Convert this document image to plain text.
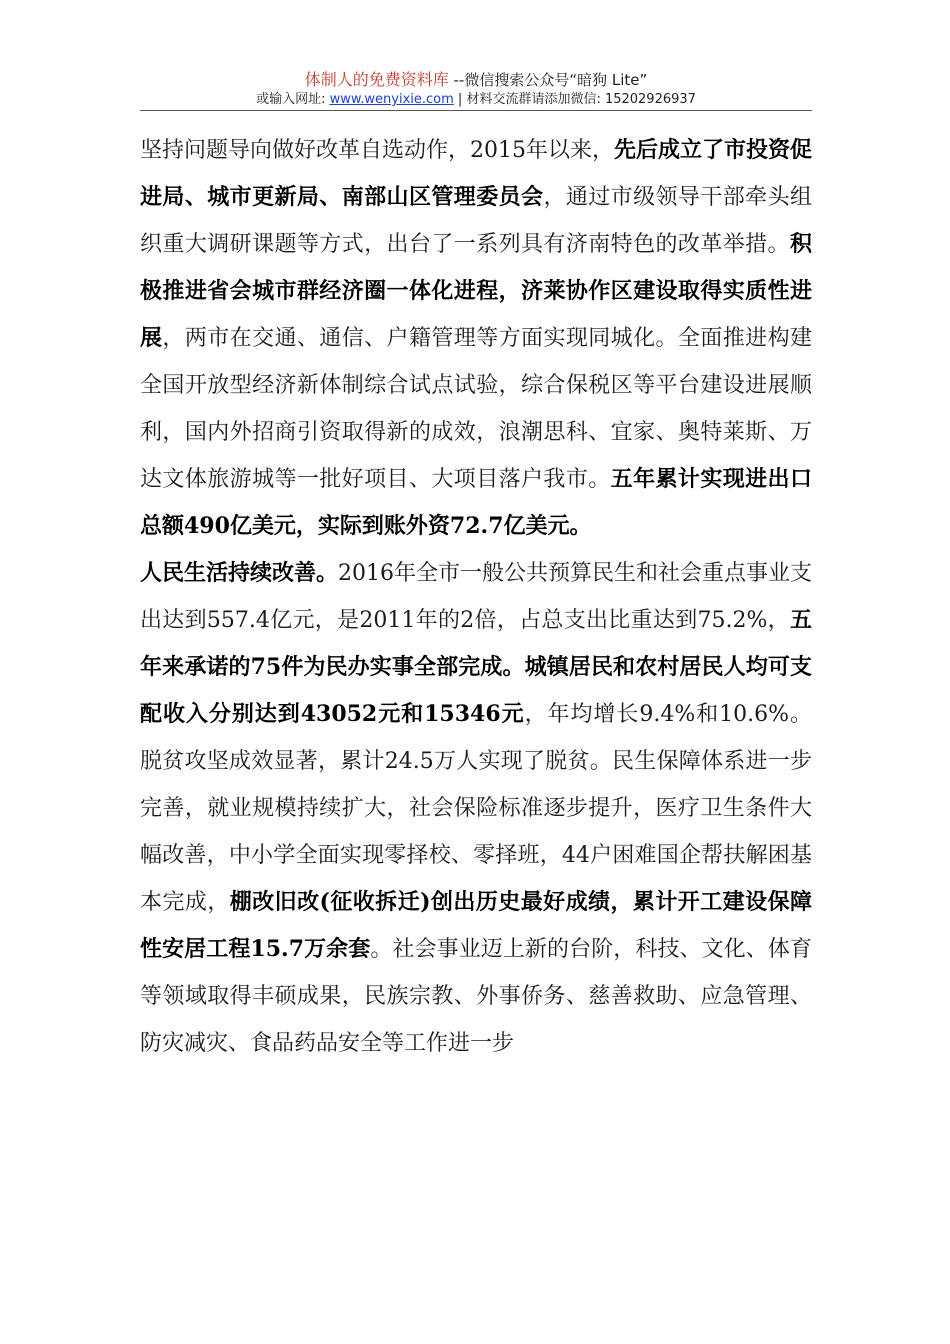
体制人的免费资料库 --微信搜索公众号“暗狗 Lite”
或输入网址: www.wenyixie.com | 材料交流群请添加微信: 15202926937

坚持问题导向做好改革自选动作，2015年以来，先后成立了市投资促进局、城市更新局、南部山区管理委员会，通过市级领导干部牵头组织重大调研课题等方式，出台了一系列具有济南特色的改革举措。积极推进省会城市群经济圈一体化进程，济莱协作区建设取得实质性进展，两市在交通、通信、户籍管理等方面实现同城化。全面推进构建全国开放型经济新体制综合试点试验，综合保税区等平台建设进展顺利，国内外招商引资取得新的成效，浪潮思科、宜家、奥特莱斯、万达文体旅游城等一批好项目、大项目落户我市。五年累计实现进出口总额490亿美元，实际到账外资72.7亿美元。

人民生活持续改善。2016年全市一般公共预算民生和社会重点事业支出达到557.4亿元，是2011年的2倍，占总支出比重达到75.2%，五年来承诺的75件为民办实事全部完成。城镇居民和农村居民人均可支配收入分别达到43052元和15346元，年均增长9.4%和10.6%。脱贫攻坚成效显著，累计24.5万人实现了脱贫。民生保障体系进一步完善，就业规模持续扩大，社会保险标准逐步提升，医疗卫生条件大幅改善，中小学全面实现零择校、零择班，44户困难国企帮扶解困基本完成，棚改旧改(征收拆迁)创出历史最好成绩，累计开工建设保障性安居工程15.7万余套。社会事业迈上新的台阶，科技、文化、体育等领域取得丰硕成果，民族宗教、外事侨务、慈善救助、应急管理、防灾减灾、食品药品安全等工作进一步
